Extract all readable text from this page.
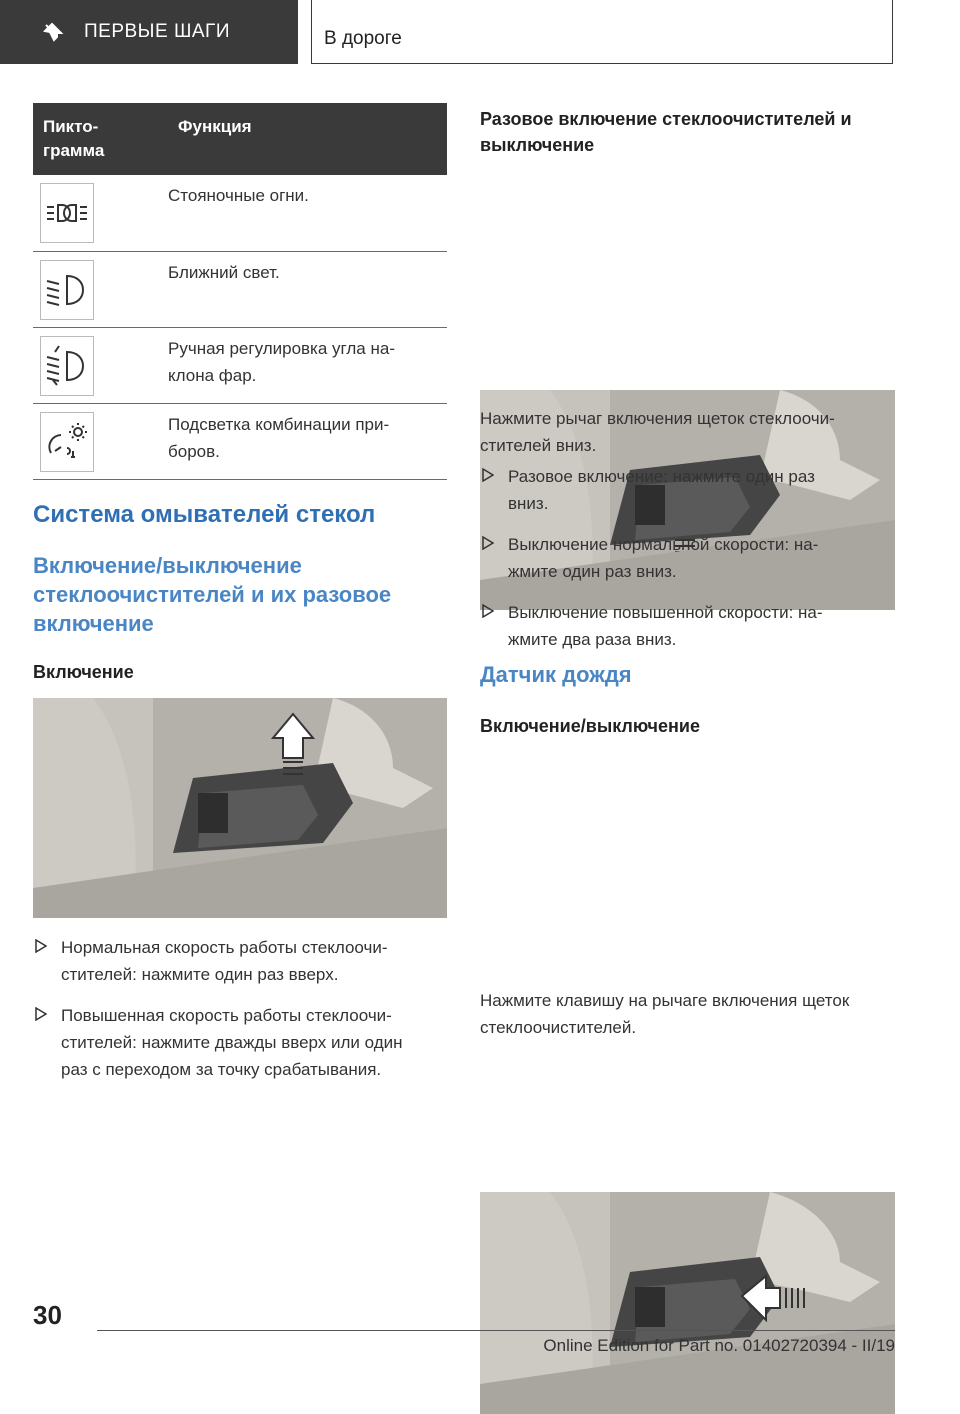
ПЕРВЫЕ ШАГИ	В дороге
Пикто-
грамма	Функция

	Стояночные огни.

	Ближний свет.

	Ручная регулировка угла на-
клона фар.

	Подсветка комбинации при-
боров.
Система омывателей стекол
Включение/выключение стеклоочистителей и их разовое включение
Включение
Нормальная скорость работы стеклоочи-
стителей: нажмите один раз вверх.
Повышенная скорость работы стеклоочи-
стителей: нажмите дважды вверх или один
раз с переходом за точку срабатывания.
Разовое включение стеклоочистителей и выключение

Нажмите рычаг включения щеток стеклоочи-
стителей вниз.

Разовое включение: нажмите один раз
вниз.
Выключение нормальной скорости: на-
жмите один раз вниз.
Выключение повышенной скорости: на-
жмите два раза вниз.
Датчик дождя
Включение/выключение

Нажмите клавишу на рычаге включения щеток
стеклоочистителей.

30
Online Edition for Part no. 01402720394 - II/19
